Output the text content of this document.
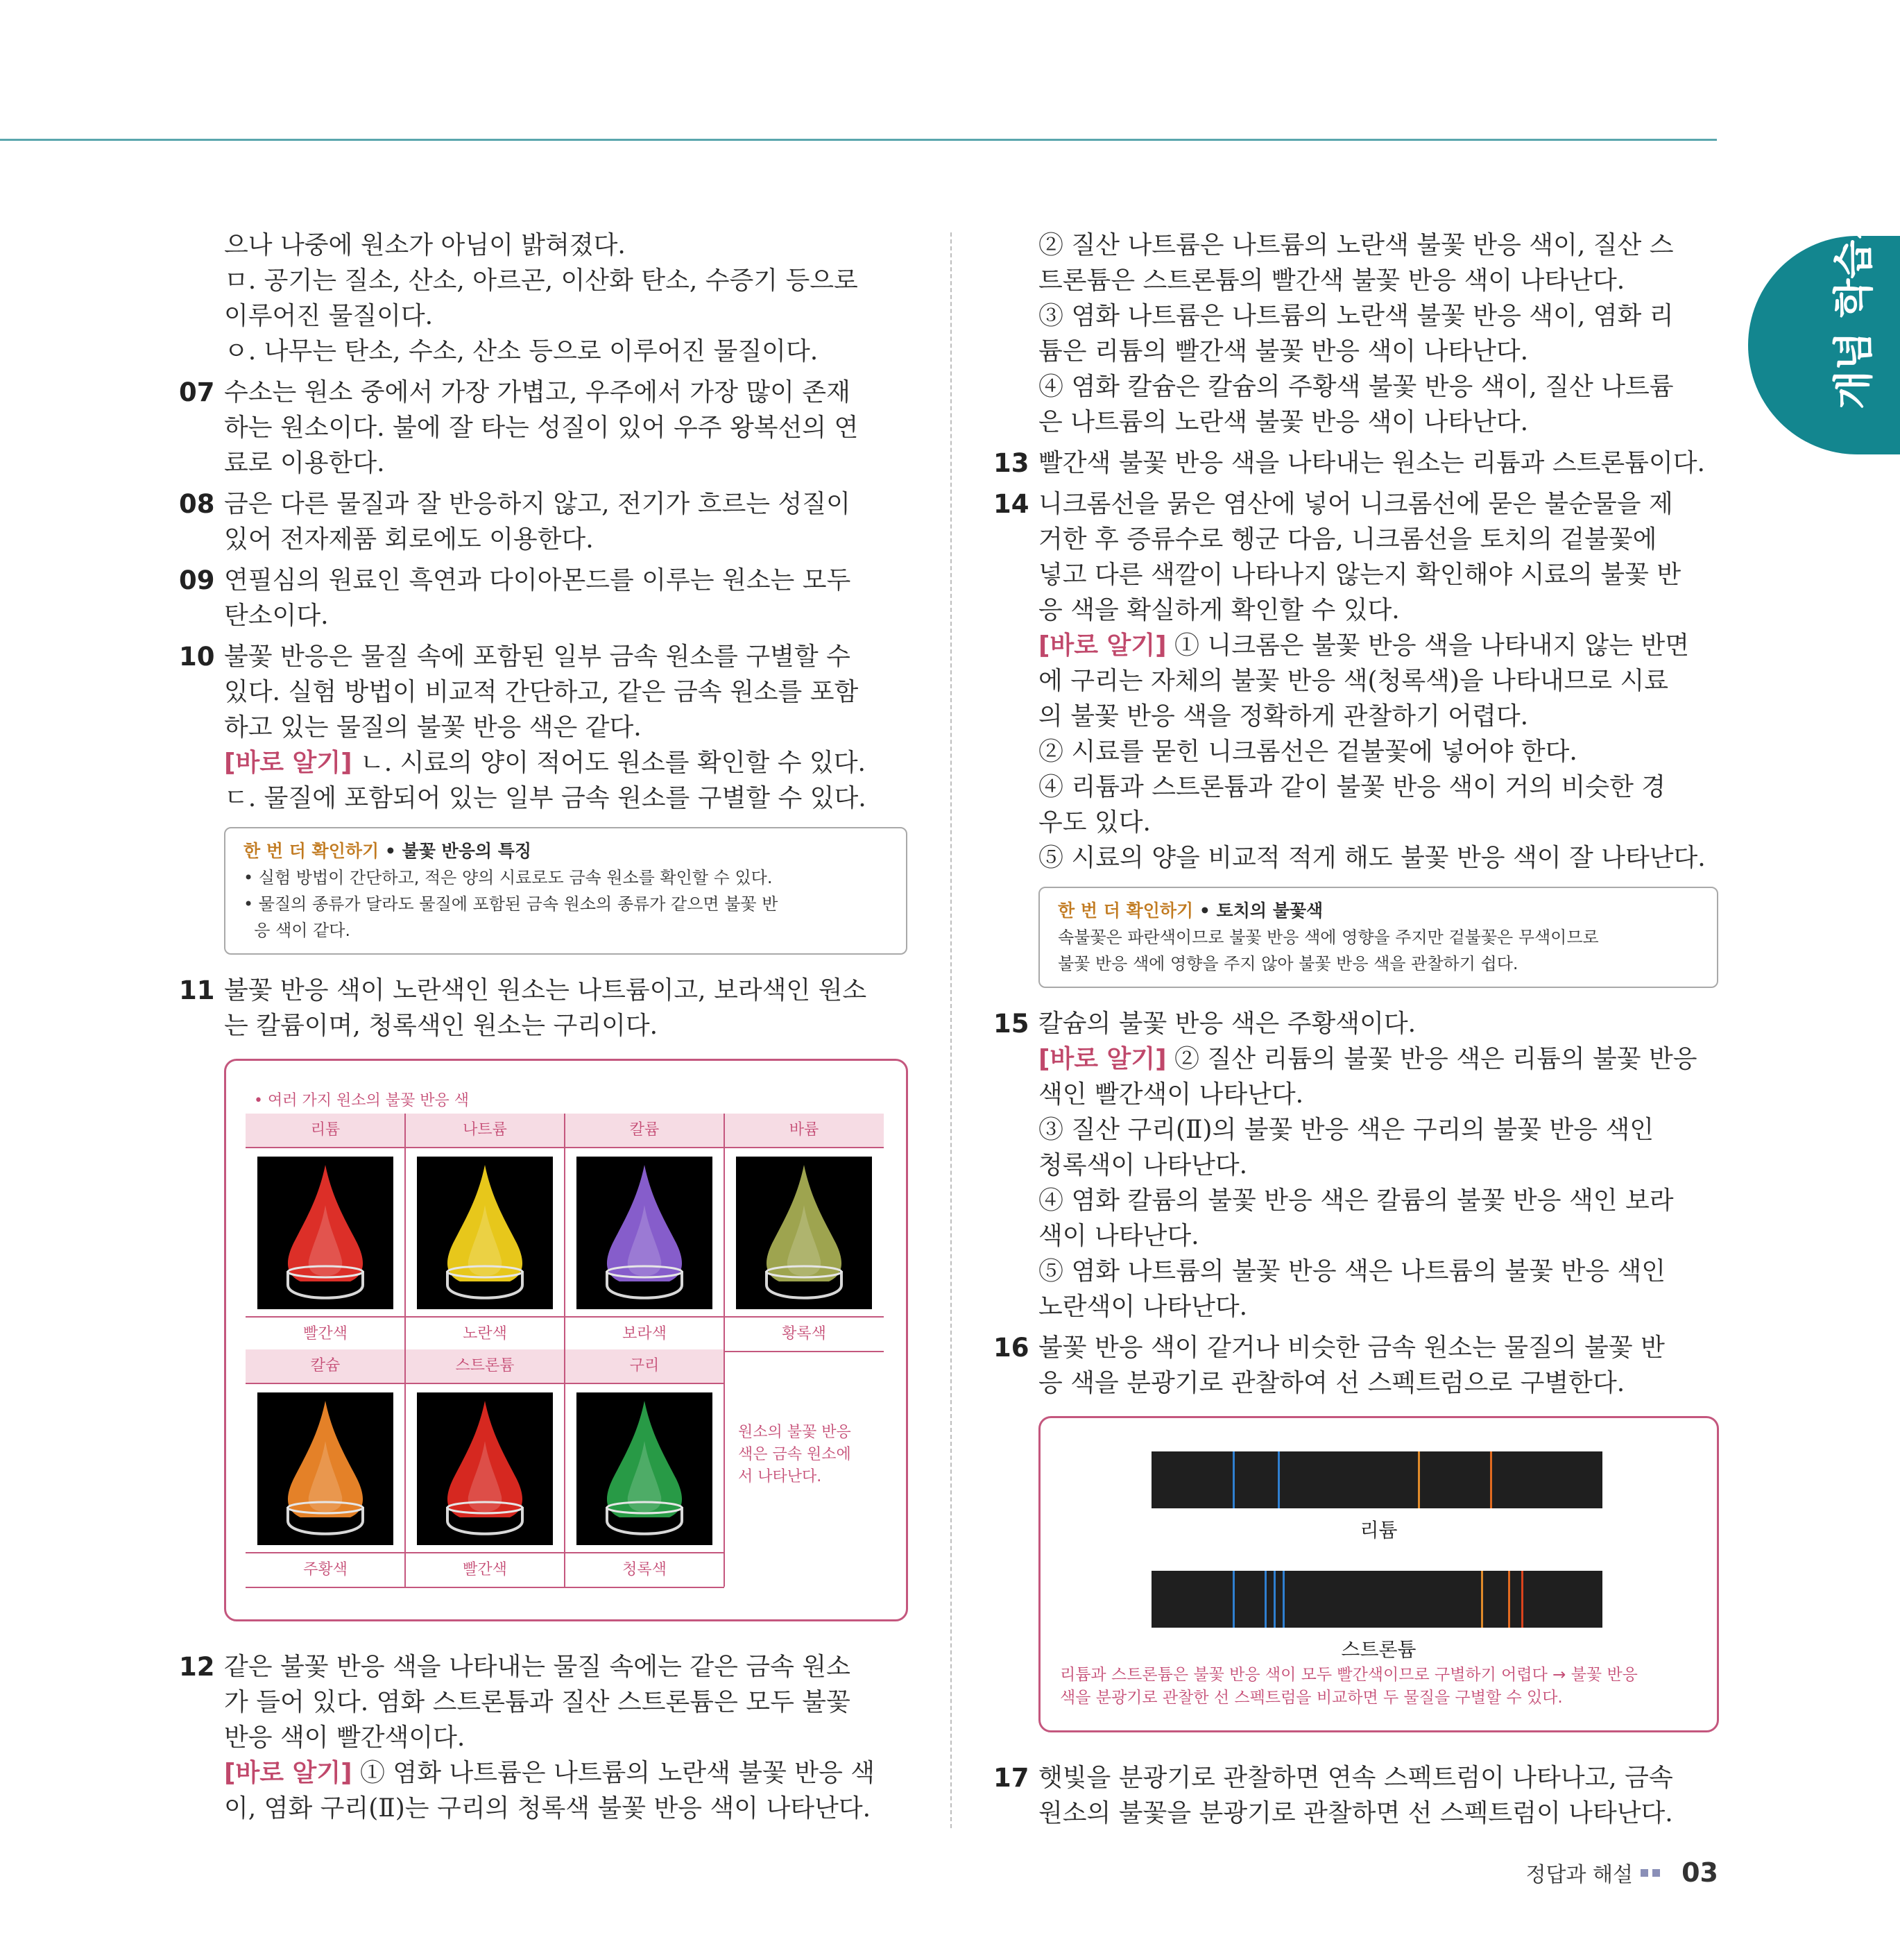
개념 학습서
으나 나중에 원소가 아님이 밝혀졌다.
ㅁ. 공기는 질소, 산소, 아르곤, 이산화 탄소, 수증기 등으로
이루어진 물질이다.
ㅇ. 나무는 탄소, 수소, 산소 등으로 이루어진 물질이다.
07 수소는 원소 중에서 가장 가볍고, 우주에서 가장 많이 존재
하는 원소이다. 불에 잘 타는 성질이 있어 우주 왕복선의 연
료로 이용한다.
08 금은 다른 물질과 잘 반응하지 않고, 전기가 흐르는 성질이
있어 전자제품 회로에도 이용한다.
09 연필심의 원료인 흑연과 다이아몬드를 이루는 원소는 모두
탄소이다.
10 불꽃 반응은 물질 속에 포함된 일부 금속 원소를 구별할 수
있다. 실험 방법이 비교적 간단하고, 같은 금속 원소를 포함
하고 있는 물질의 불꽃 반응 색은 같다.
[바로 알기] ㄴ. 시료의 양이 적어도 원소를 확인할 수 있다.
ㄷ. 물질에 포함되어 있는 일부 금속 원소를 구별할 수 있다.
한 번 더 확인하기 • 불꽃 반응의 특징
• 실험 방법이 간단하고, 적은 양의 시료로도 금속 원소를 확인할 수 있다.
• 물질의 종류가 달라도 물질에 포함된 금속 원소의 종류가 같으면 불꽃 반
응 색이 같다.
11 불꽃 반응 색이 노란색인 원소는 나트륨이고, 보라색인 원소
는 칼륨이며, 청록색인 원소는 구리이다.
• 여러 가지 원소의 불꽃 반응 색
리튬
빨간색
나트륨
노란색
칼륨
보라색
바륨
황록색
칼슘
주황색
스트론튬
빨간색
구리
청록색
원소의 불꽃 반응
색은 금속 원소에
서 나타난다.
12 같은 불꽃 반응 색을 나타내는 물질 속에는 같은 금속 원소
가 들어 있다. 염화 스트론튬과 질산 스트론튬은 모두 불꽃
반응 색이 빨간색이다.
[바로 알기] ① 염화 나트륨은 나트륨의 노란색 불꽃 반응 색
이, 염화 구리(Ⅱ)는 구리의 청록색 불꽃 반응 색이 나타난다.
② 질산 나트륨은 나트륨의 노란색 불꽃 반응 색이, 질산 스
트론튬은 스트론튬의 빨간색 불꽃 반응 색이 나타난다.
③ 염화 나트륨은 나트륨의 노란색 불꽃 반응 색이, 염화 리
튬은 리튬의 빨간색 불꽃 반응 색이 나타난다.
④ 염화 칼슘은 칼슘의 주황색 불꽃 반응 색이, 질산 나트륨
은 나트륨의 노란색 불꽃 반응 색이 나타난다.
13 빨간색 불꽃 반응 색을 나타내는 원소는 리튬과 스트론튬이다.
14 니크롬선을 묽은 염산에 넣어 니크롬선에 묻은 불순물을 제
거한 후 증류수로 헹군 다음, 니크롬선을 토치의 겉불꽃에
넣고 다른 색깔이 나타나지 않는지 확인해야 시료의 불꽃 반
응 색을 확실하게 확인할 수 있다.
[바로 알기] ① 니크롬은 불꽃 반응 색을 나타내지 않는 반면
에 구리는 자체의 불꽃 반응 색(청록색)을 나타내므로 시료
의 불꽃 반응 색을 정확하게 관찰하기 어렵다.
② 시료를 묻힌 니크롬선은 겉불꽃에 넣어야 한다.
④ 리튬과 스트론튬과 같이 불꽃 반응 색이 거의 비슷한 경
우도 있다.
⑤ 시료의 양을 비교적 적게 해도 불꽃 반응 색이 잘 나타난다.
한 번 더 확인하기 • 토치의 불꽃색
속불꽃은 파란색이므로 불꽃 반응 색에 영향을 주지만 겉불꽃은 무색이므로
불꽃 반응 색에 영향을 주지 않아 불꽃 반응 색을 관찰하기 쉽다.
15 칼슘의 불꽃 반응 색은 주황색이다.
[바로 알기] ② 질산 리튬의 불꽃 반응 색은 리튬의 불꽃 반응
색인 빨간색이 나타난다.
③ 질산 구리(Ⅱ)의 불꽃 반응 색은 구리의 불꽃 반응 색인
청록색이 나타난다.
④ 염화 칼륨의 불꽃 반응 색은 칼륨의 불꽃 반응 색인 보라
색이 나타난다.
⑤ 염화 나트륨의 불꽃 반응 색은 나트륨의 불꽃 반응 색인
노란색이 나타난다.
16 불꽃 반응 색이 같거나 비슷한 금속 원소는 물질의 불꽃 반
응 색을 분광기로 관찰하여 선 스펙트럼으로 구별한다.
리튬과 스트론튬은 불꽃 반응 색이 모두 빨간색이므로 구별하기 어렵다 → 불꽃 반응
색을 분광기로 관찰한 선 스펙트럼을 비교하면 두 물질을 구별할 수 있다.
리튬
스트론튬
17 햇빛을 분광기로 관찰하면 연속 스펙트럼이 나타나고, 금속
원소의 불꽃을 분광기로 관찰하면 선 스펙트럼이 나타난다.
정답과 해설 03
